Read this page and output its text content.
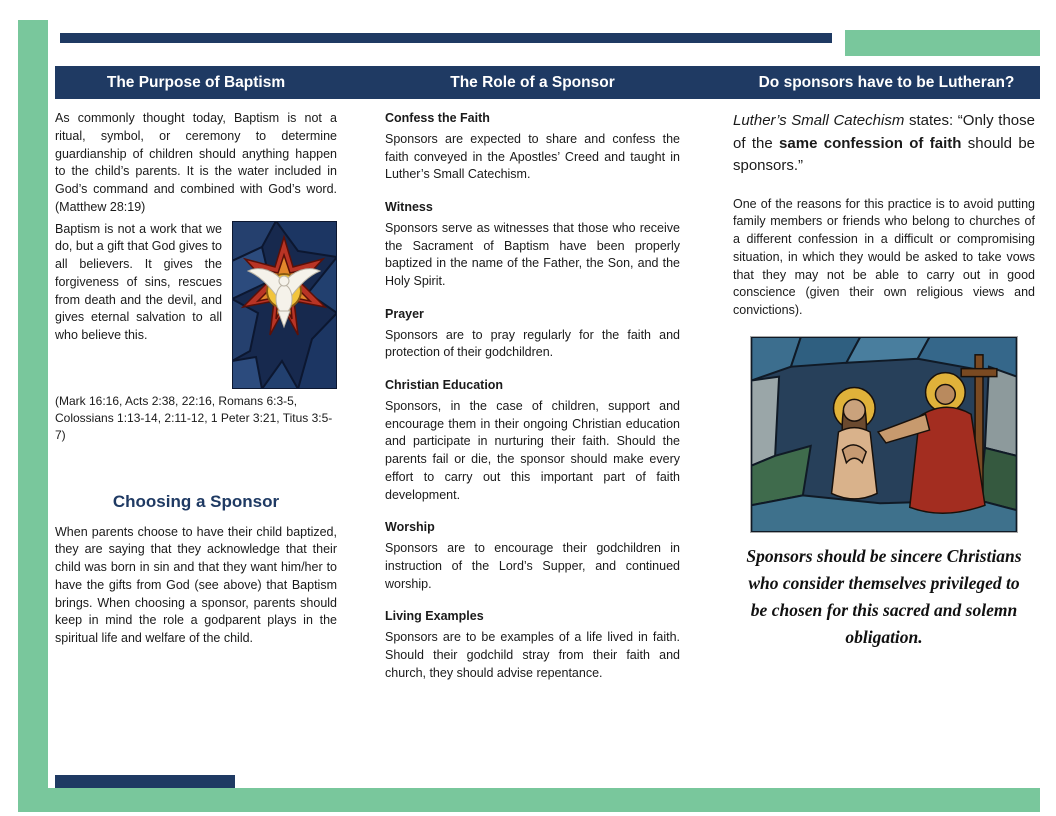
The Purpose of Baptism	The Role of a Sponsor	Do sponsors have to be Lutheran?

As commonly thought today, Baptism is not a ritual, symbol, or ceremony to determine guardianship of children should anything happen to the child’s parents. It is the water included in God’s command and combined with God’s word. (Matthew 28:19)

Baptism is not a work that we do, but a gift that God gives to all believers. It gives the forgiveness of sins, rescues from death and the devil, and gives eternal salvation to all who believe this.

(Mark 16:16, Acts 2:38, 22:16, Romans 6:3-5, Colossians 1:13-14, 2:11-12, 1 Peter 3:21, Titus 3:5-7)

Choosing a Sponsor

When parents choose to have their child baptized, they are saying that they acknowledge that their child was born in sin and that they want him/her to have the gifts from God (see above) that Baptism brings. When choosing a sponsor, parents should keep in mind the role a godparent plays in the spiritual life and welfare of the child.

Confess the Faith

Sponsors are expected to share and confess the faith conveyed in the Apostles’ Creed and taught in Luther’s Small Catechism.

Witness

Sponsors serve as witnesses that those who receive the Sacrament of Baptism have been properly baptized in the name of the Father, the Son, and the Holy Spirit.

Prayer

Sponsors are to pray regularly for the faith and protection of their godchildren.

Christian Education

Sponsors, in the case of children, support and encourage them in their ongoing Christian education and participate in nurturing their faith. Should the parents fail or die, the sponsor should make every effort to carry out this important part of faith development.

Worship

Sponsors are to encourage their godchildren in instruction of the Lord’s Supper, and continued worship.

Living Examples

Sponsors are to be examples of a life lived in faith. Should their godchild stray from their faith and church, they should advise repentance.

Luther’s Small Catechism states: “Only those of the same confession of faith should be sponsors.”

One of the reasons for this practice is to avoid putting family members or friends who belong to churches of a different confession in a difficult or compromising situation, in which they would be asked to take vows that they may not be able to carry out in good conscience (given their own religious views and convictions).

Sponsors should be sincere Christians who consider themselves privileged to be chosen for this sacred and solemn obligation.
